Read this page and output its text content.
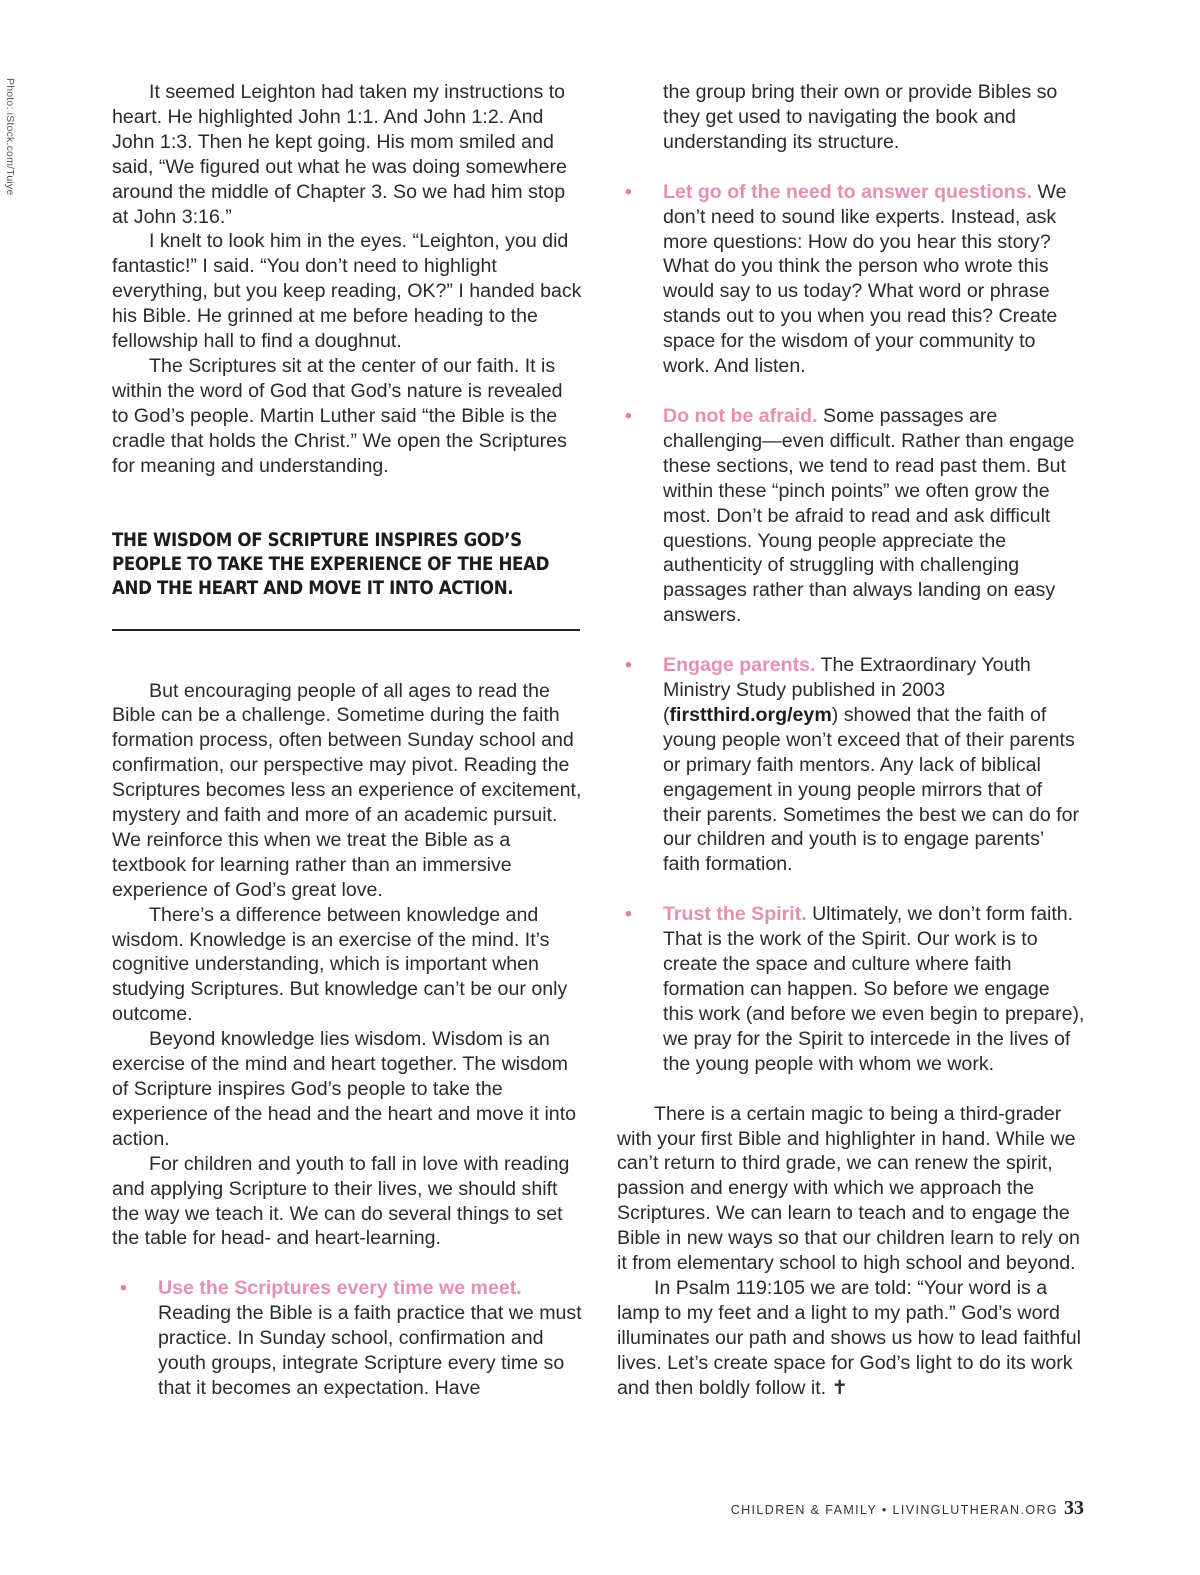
Photo: iStock.com/Tuiye	It seemed Leighton had taken my instructions to heart. He highlighted John 1:1. And John 1:2. And John 1:3. Then he kept going. His mom smiled and said, “We figured out what he was doing somewhere around the middle of Chapter 3. So we had him stop at John 3:16.”

I knelt to look him in the eyes. “Leighton, you did fantastic!” I said. “You don’t need to highlight everything, but you keep reading, OK?” I handed back his Bible. He grinned at me before heading to the fellowship hall to find a doughnut.

The Scriptures sit at the center of our faith. It is within the word of God that God’s nature is revealed to God’s people. Martin Luther said “the Bible is the cradle that holds the Christ.” We open the Scriptures for meaning and understanding.

THE WISDOM OF SCRIPTURE INSPIRES GOD’S PEOPLE TO TAKE THE EXPERIENCE OF THE HEAD AND THE HEART AND MOVE IT INTO ACTION.

But encouraging people of all ages to read the Bible can be a challenge. Sometime during the faith formation process, often between Sunday school and confirmation, our perspective may pivot. Reading the Scriptures becomes less an experience of excitement, mystery and faith and more of an academic pursuit. We reinforce this when we treat the Bible as a textbook for learning rather than an immersive experience of God’s great love.

There’s a difference between knowledge and wisdom. Knowledge is an exercise of the mind. It’s cognitive understanding, which is important when studying Scriptures. But knowledge can’t be our only outcome.

Beyond knowledge lies wisdom. Wisdom is an exercise of the mind and heart together. The wisdom of Scripture inspires God’s people to take the experience of the head and the heart and move it into action.

For children and youth to fall in love with reading and applying Scripture to their lives, we should shift the way we teach it. We can do several things to set the table for head- and heart-learning.

• Use the Scriptures every time we meet. Reading the Bible is a faith practice that we must practice. In Sunday school, confirmation and youth groups, integrate Scripture every time so that it becomes an expectation. Have
the group bring their own or provide Bibles so they get used to navigating the book and understanding its structure.
• Let go of the need to answer questions. We don’t need to sound like experts. Instead, ask more questions: How do you hear this story? What do you think the person who wrote this would say to us today? What word or phrase stands out to you when you read this? Create space for the wisdom of your community to work. And listen.
• Do not be afraid. Some passages are challenging—even difficult. Rather than engage these sections, we tend to read past them. But within these “pinch points” we often grow the most. Don’t be afraid to read and ask difficult questions. Young people appreciate the authenticity of struggling with challenging passages rather than always landing on easy answers.
• Engage parents. The Extraordinary Youth Ministry Study published in 2003 (firstthird.org/eym) showed that the faith of young people won’t exceed that of their parents or primary faith mentors. Any lack of biblical engagement in young people mirrors that of their parents. Sometimes the best we can do for our children and youth is to engage parents’ faith formation.
• Trust the Spirit. Ultimately, we don’t form faith. That is the work of the Spirit. Our work is to create the space and culture where faith formation can happen. So before we engage this work (and before we even begin to prepare), we pray for the Spirit to intercede in the lives of the young people with whom we work.

There is a certain magic to being a third-grader with your first Bible and highlighter in hand. While we can’t return to third grade, we can renew the spirit, passion and energy with which we approach the Scriptures. We can learn to teach and to engage the Bible in new ways so that our children learn to rely on it from elementary school to high school and beyond.

In Psalm 119:105 we are told: “Your word is a lamp to my feet and a light to my path.” God’s word illuminates our path and shows us how to lead faithful lives. Let’s create space for God’s light to do its work and then boldly follow it. ✝

CHILDREN & FAMILY • LIVINGLUTHERAN.ORG 33
